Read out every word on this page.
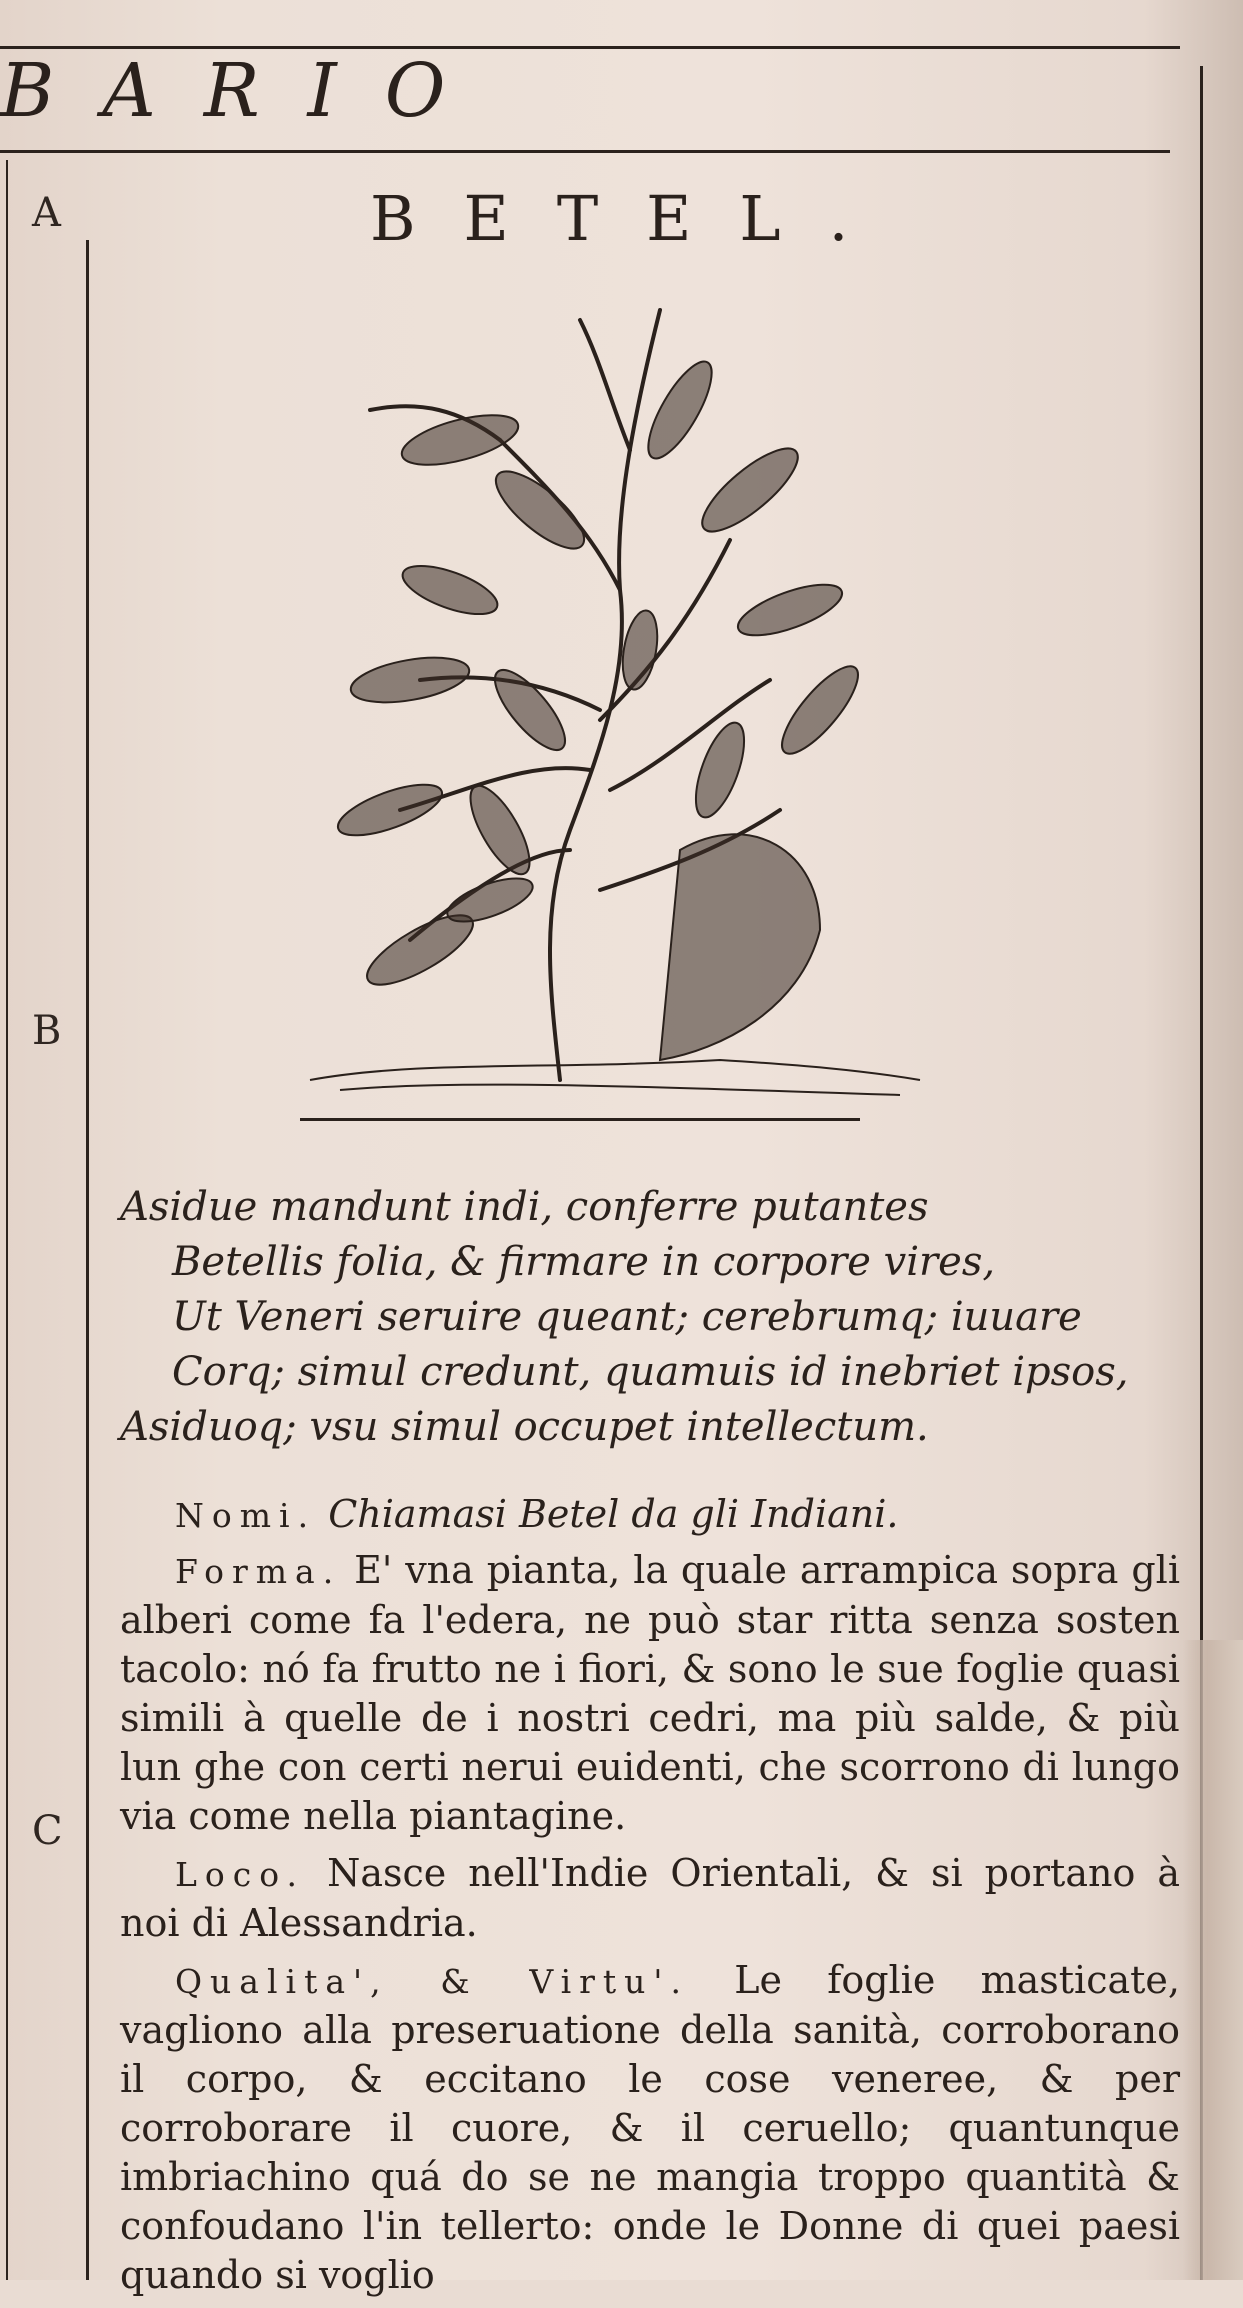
BARIO
A
B
C
BETEL.
Asidue mandunt indi, conferre putantes
Betellis folia, & firmare in corpore vires,
Ut Veneri seruire queant; cerebrumq; iuuare
Corq; simul credunt, quamuis id inebriet ipsos,
Asiduoq; vsu simul occupet intellectum.

Nomi. Chiamasi Betel da gli Indiani.

Forma. E' vna pianta, la quale arrampica sopra gli alberi come fa l'edera, ne può star ritta senza sosten tacolo: nó fa frutto ne i fiori, & sono le sue foglie quasi simili à quelle de i nostri cedri, ma più salde, & più lun ghe con certi nerui euidenti, che scorrono di lungo via come nella piantagine.

Loco. Nasce nell'Indie Orientali, & si portano à noi di Alessandria.

Qualita', & Virtu'. Le foglie masticate, vagliono alla preseruatione della sanità, corroborano il corpo, & eccitano le cose veneree, & per corroborare il cuore, & il ceruello; quantunque imbriachino quá do se ne mangia troppo quantità & confoudano l'in tellerto: onde le Donne di quei paesi quando si voglio
